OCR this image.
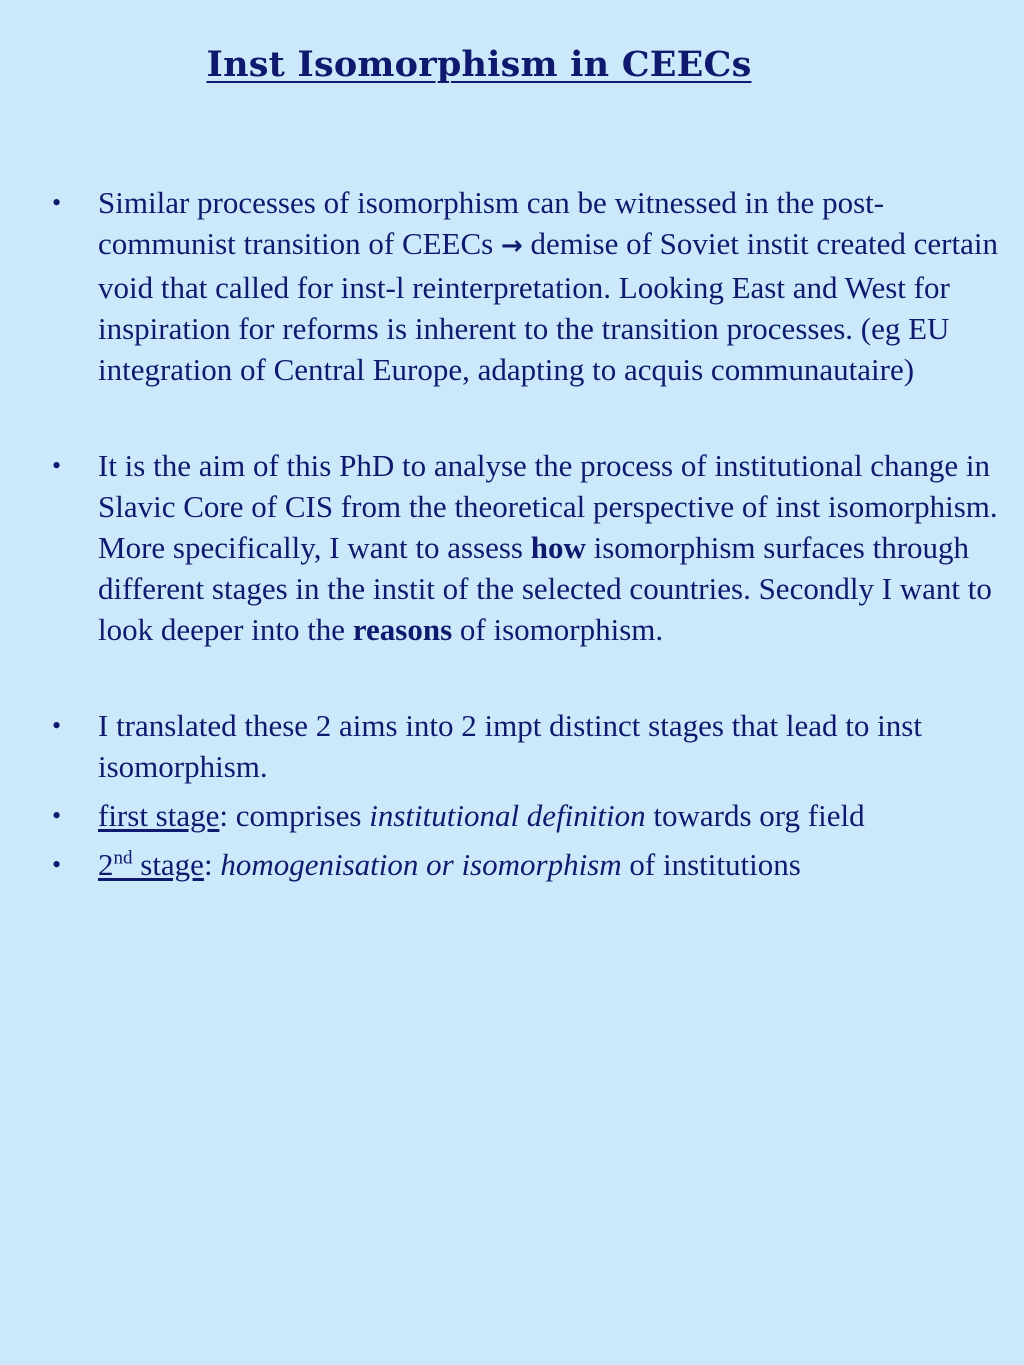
Inst Isomorphism in CEECs
•	Similar processes of isomorphism can be witnessed in the post-communist transition of CEECs → demise of Soviet instit created certain void that called for inst-l reinterpretation. Looking East and West for inspiration for reforms is inherent to the transition processes. (eg EU integration of Central Europe, adapting to acquis communautaire)
•	It is the aim of this PhD to analyse the process of institutional change in Slavic Core of CIS from the theoretical perspective of inst isomorphism. More specifically, I want to assess how isomorphism surfaces through different stages in the instit of the selected countries. Secondly I want to look deeper into the reasons of isomorphism.
•	I translated these 2 aims into 2 impt distinct stages that lead to inst isomorphism.
•	first stage: comprises institutional definition towards org field
•	2nd stage: homogenisation or isomorphism of institutions
